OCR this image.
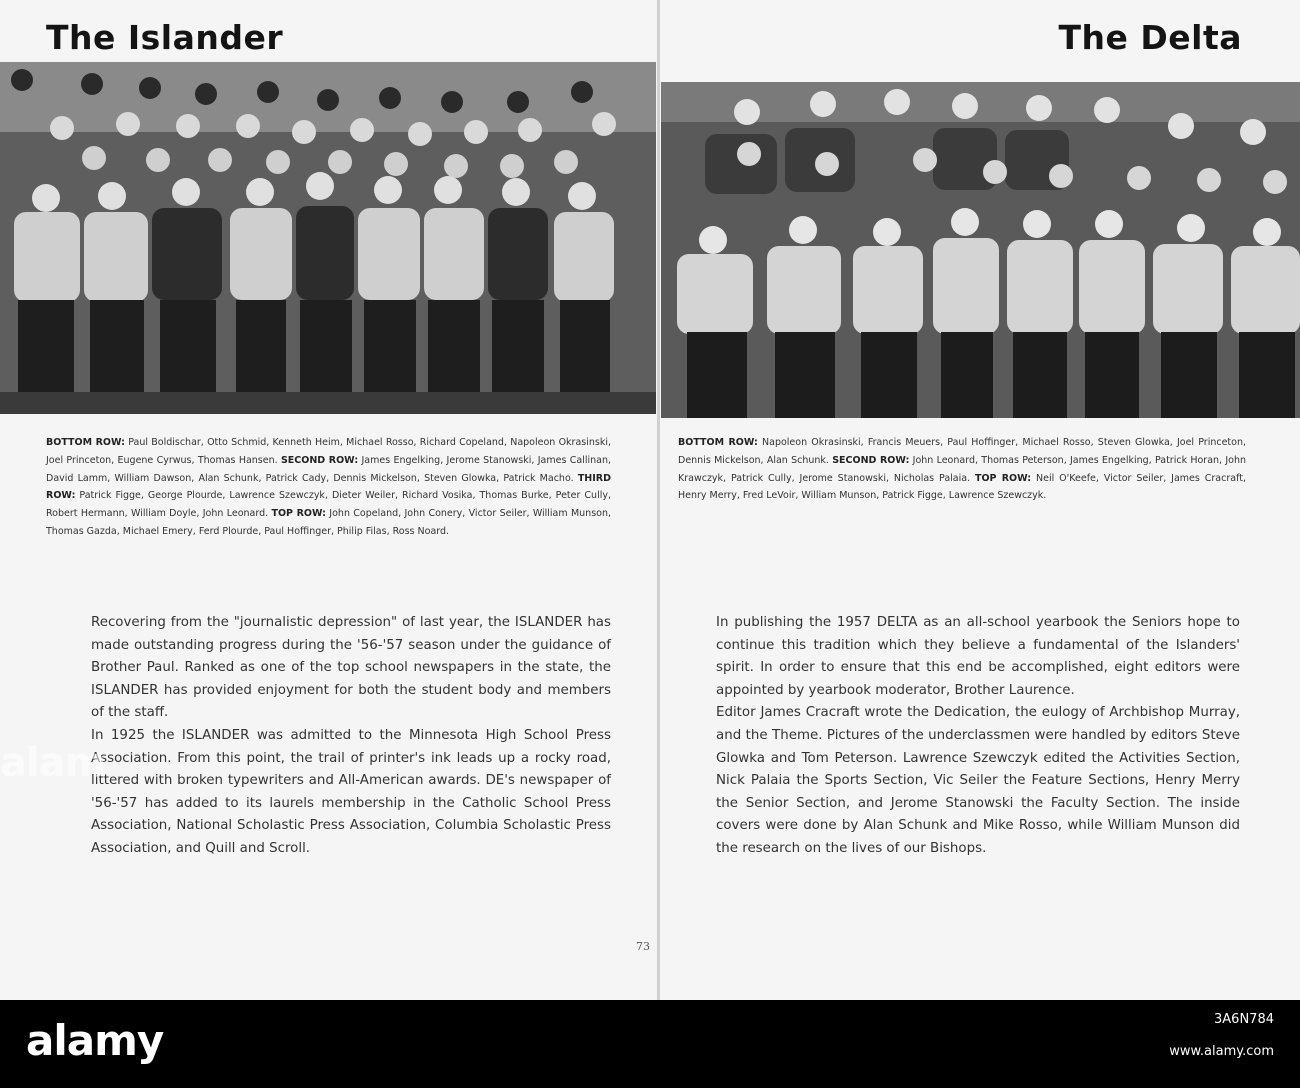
The Islander	The Delta
BOTTOM ROW: Paul Boldischar, Otto Schmid, Kenneth Heim, Michael Rosso, Richard Copeland, Napoleon Okrasinski, Joel Princeton, Eugene Cyrwus, Thomas Hansen. SECOND ROW: James Engelking, Jerome Stanowski, James Callinan, David Lamm, William Dawson, Alan Schunk, Patrick Cady, Dennis Mickelson, Steven Glowka, Patrick Macho. THIRD ROW: Patrick Figge, George Plourde, Lawrence Szewczyk, Dieter Weiler, Richard Vosika, Thomas Burke, Peter Cully, Robert Hermann, William Doyle, John Leonard. TOP ROW: John Copeland, John Conery, Victor Seiler, William Munson, Thomas Gazda, Michael Emery, Ferd Plourde, Paul Hoffinger, Philip Filas, Ross Noard.
BOTTOM ROW: Napoleon Okrasinski, Francis Meuers, Paul Hoffinger, Michael Rosso, Steven Glowka, Joel Princeton, Dennis Mickelson, Alan Schunk. SECOND ROW: John Leonard, Thomas Peterson, James Engelking, Patrick Horan, John Krawczyk, Patrick Cully, Jerome Stanowski, Nicholas Palaia. TOP ROW: Neil O'Keefe, Victor Seiler, James Cracraft, Henry Merry, Fred LeVoir, William Munson, Patrick Figge, Lawrence Szewczyk.

Recovering from the "journalistic depression" of last year, the ISLANDER has made outstanding progress during the '56-'57 season under the guidance of Brother Paul. Ranked as one of the top school newspapers in the state, the ISLANDER has provided enjoyment for both the student body and members of the staff.

In 1925 the ISLANDER was admitted to the Minnesota High School Press Association. From this point, the trail of printer's ink leads up a rocky road, littered with broken typewriters and All-American awards. DE's newspaper of '56-'57 has added to its laurels membership in the Catholic School Press Association, National Scholastic Press Association, Columbia Scholastic Press Association, and Quill and Scroll.

In publishing the 1957 DELTA as an all-school yearbook the Seniors hope to continue this tradition which they believe a fundamental of the Islanders' spirit. In order to ensure that this end be accomplished, eight editors were appointed by yearbook moderator, Brother Laurence.

Editor James Cracraft wrote the Dedication, the eulogy of Archbishop Murray, and the Theme. Pictures of the underclassmen were handled by editors Steve Glowka and Tom Peterson. Lawrence Szewczyk edited the Activities Section, Nick Palaia the Sports Section, Vic Seiler the Feature Sections, Henry Merry the Senior Section, and Jerome Stanowski the Faculty Section. The inside covers were done by Alan Schunk and Mike Rosso, while William Munson did the research on the lives of our Bishops.

73
alam
alamy	3A6N784
www.alamy.com
